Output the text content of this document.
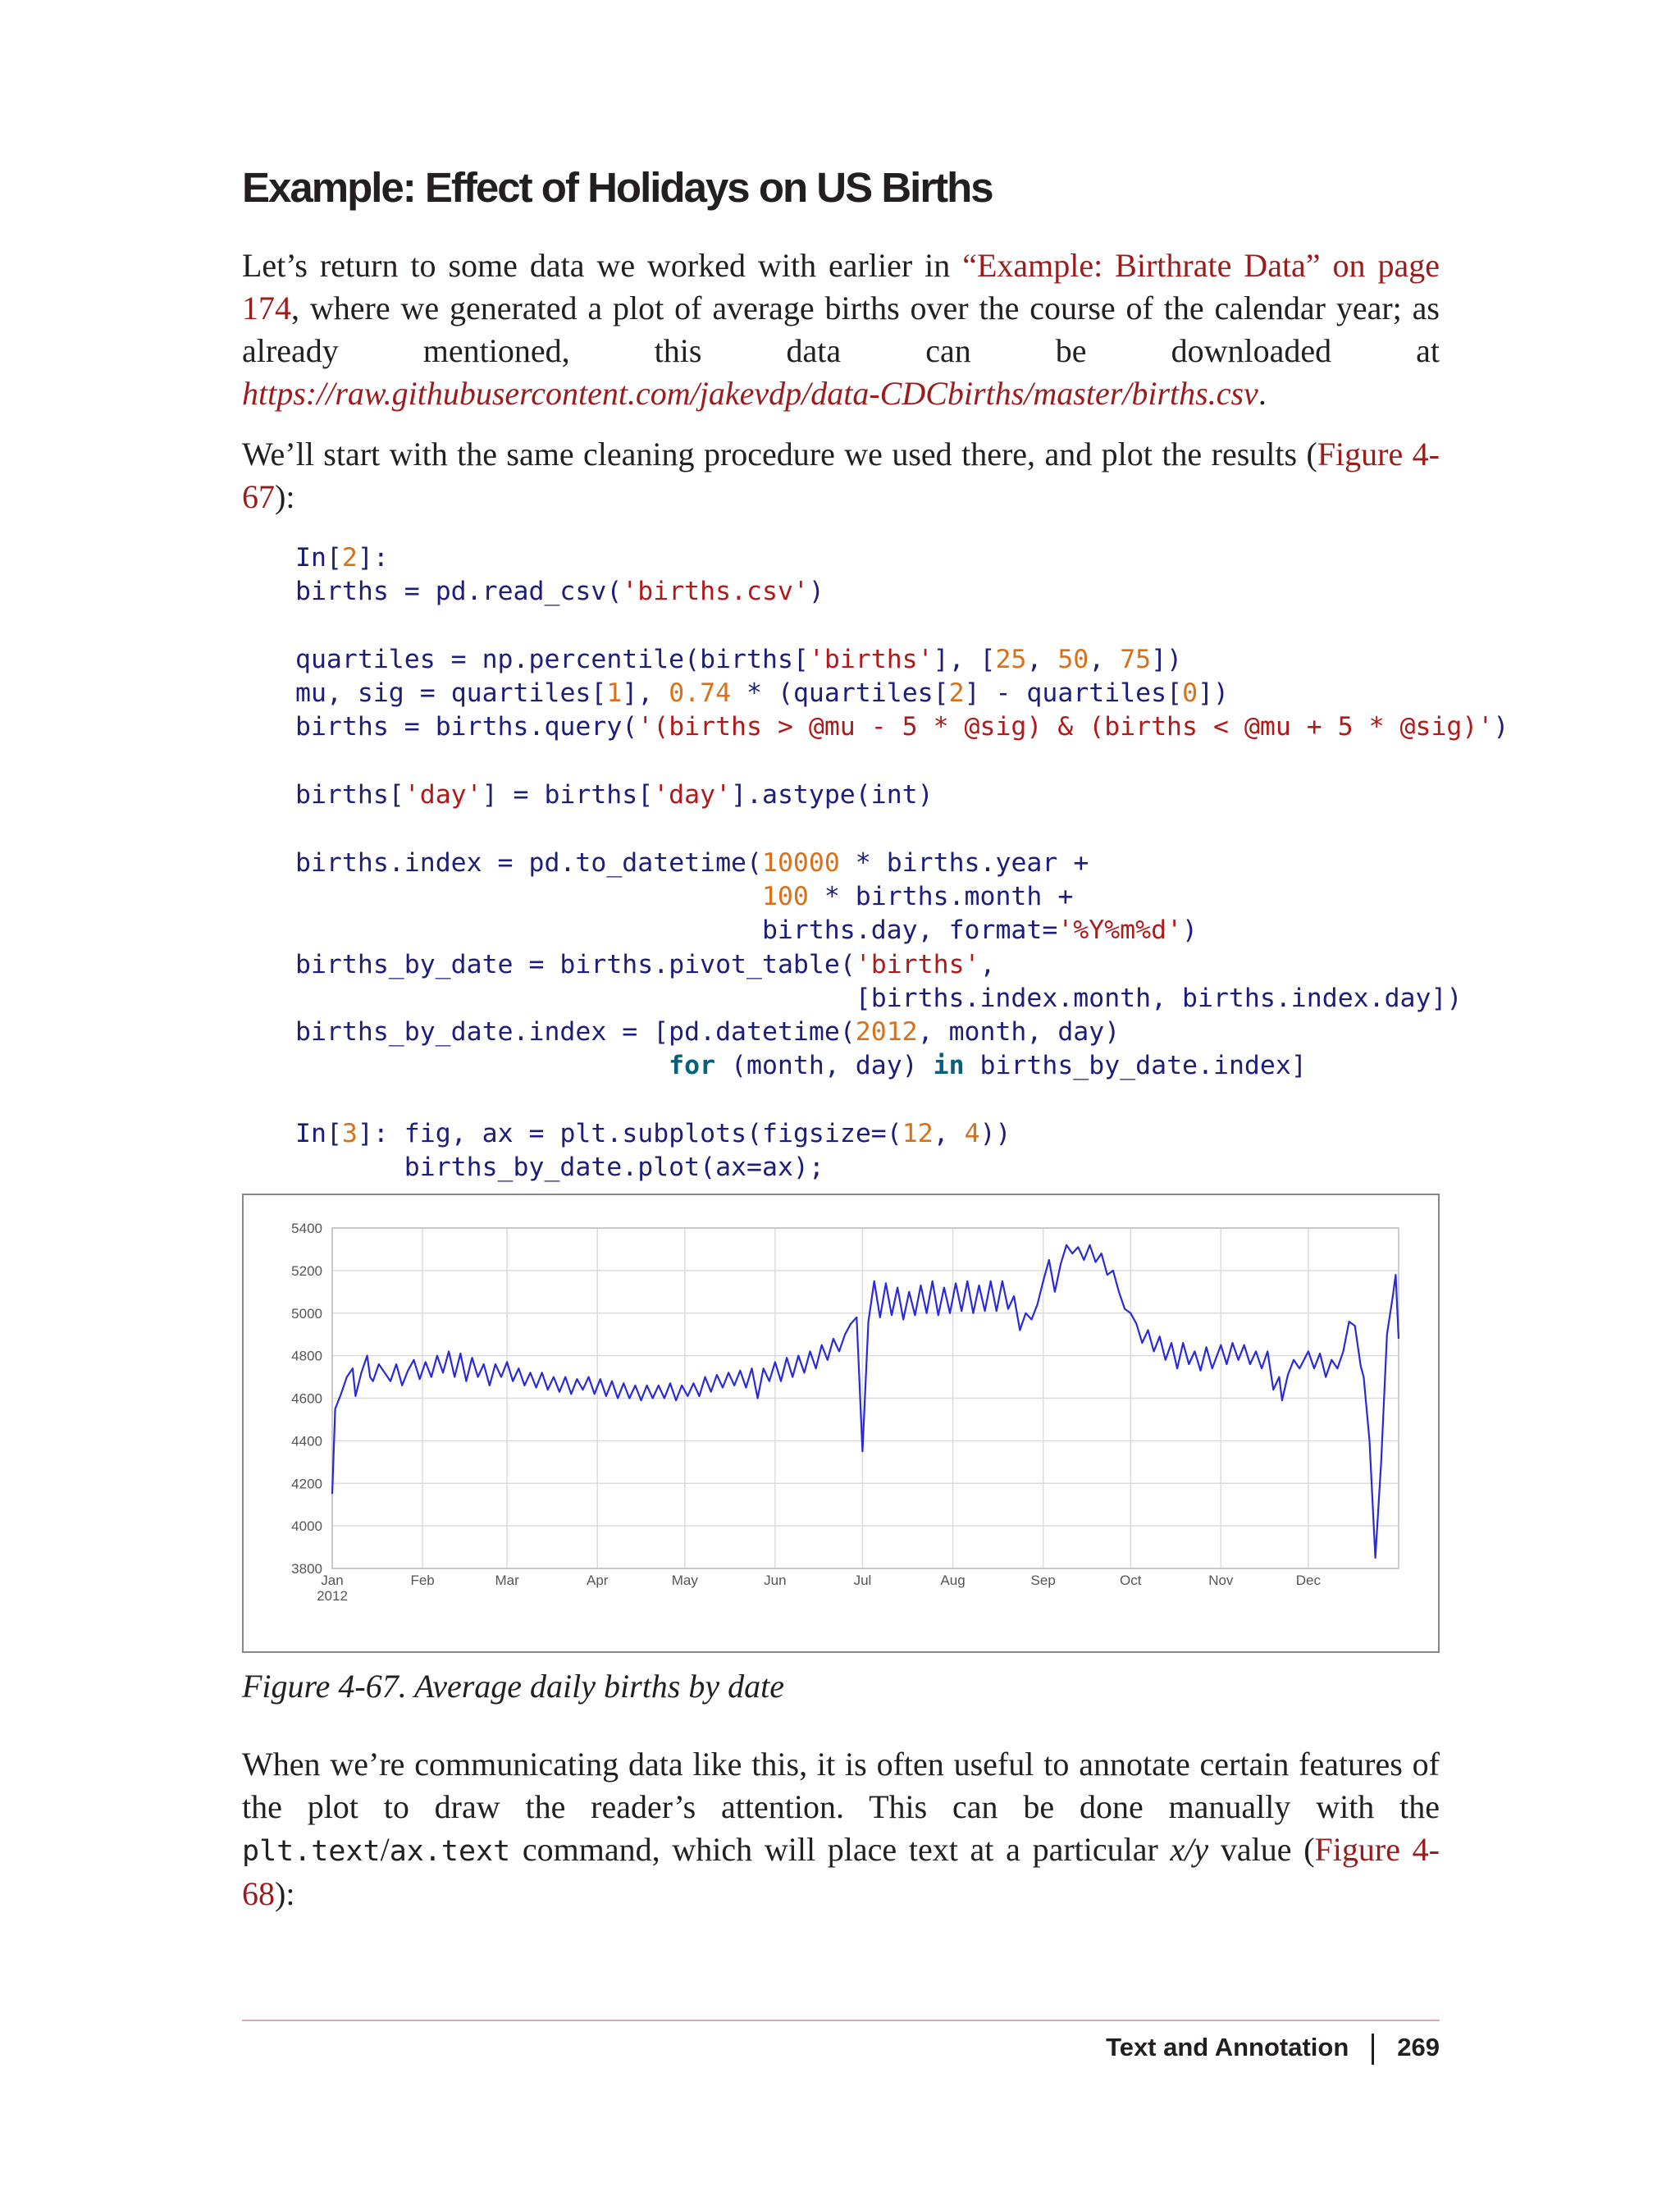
Example: Effect of Holidays on US Births

Let’s return to some data we worked with earlier in “Example: Birthrate Data” on page 174, where we generated a plot of average births over the course of the calendar year; as already mentioned, this data can be downloaded at https://raw.githubusercontent.com/jakevdp/data-CDCbirths/master/births.csv.

We’ll start with the same cleaning procedure we used there, and plot the results (Figure 4-67):

In[2]:
births = pd.read_csv('births.csv')

quartiles = np.percentile(births['births'], [25, 50, 75])
mu, sig = quartiles[1], 0.74 * (quartiles[2] - quartiles[0])
births = births.query('(births > @mu - 5 * @sig) & (births < @mu + 5 * @sig)')

births['day'] = births['day'].astype(int)

births.index = pd.to_datetime(10000 * births.year +
100 * births.month +
births.day, format='%Y%m%d')
births_by_date = births.pivot_table('births',
[births.index.month, births.index.day])
births_by_date.index = [pd.datetime(2012, month, day)
for (month, day) in births_by_date.index]

In[3]: fig, ax = plt.subplots(figsize=(12, 4))
births_by_date.plot(ax=ax);
5400
5200
5000
4800
4600
4400
4200
4000
3800
Jan
2012
Feb	Mar	Apr	May	Jun	Jul	Aug	Sep	Oct	Nov	Dec

Figure 4-67. Average daily births by date

When we’re communicating data like this, it is often useful to annotate certain features of the plot to draw the reader’s attention. This can be done manually with the plt.text/ax.text command, which will place text at a particular x/y value (Figure 4-68):

Text and Annotation 269
